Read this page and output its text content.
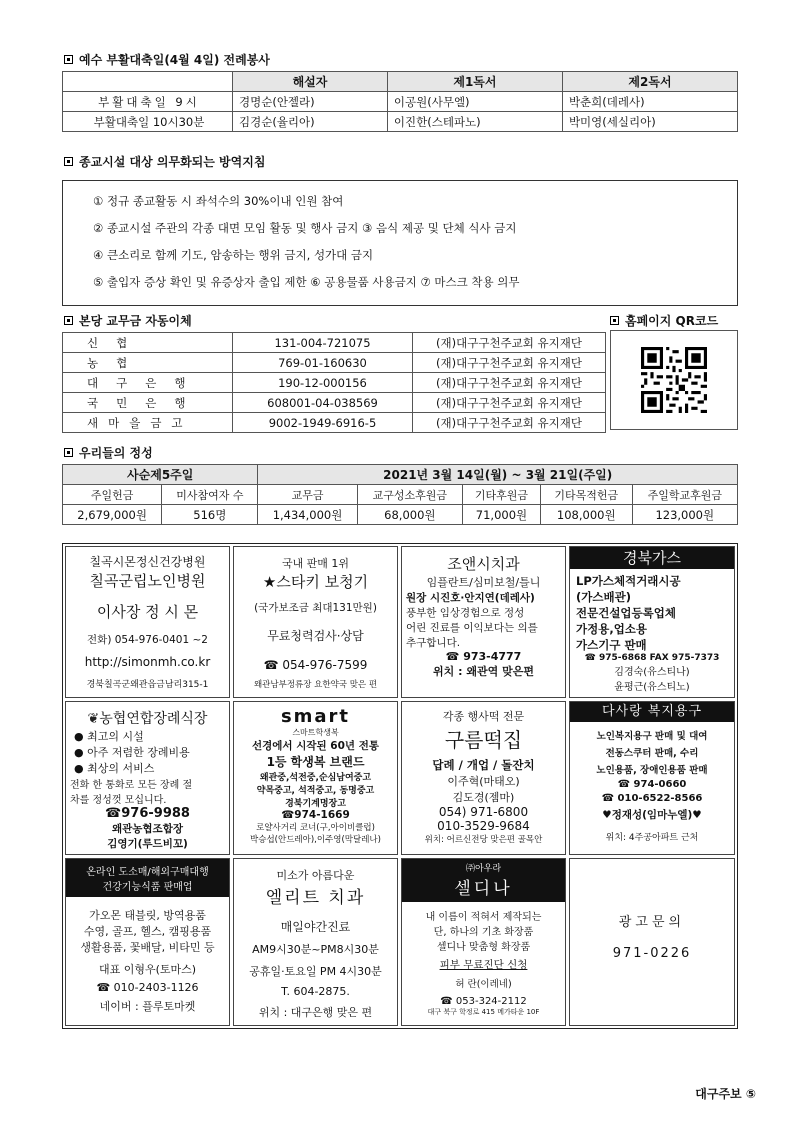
예수 부활대축일(4월 4일) 전례봉사
	해설자	제1독서	제2독서
부활대축일 9시	경명순(안젤라)	이공원(사무엘)	박춘희(데레사)
부활대축일 10시30분	김경순(율리아)	이진한(스테파노)	박미영(세실리아)
종교시설 대상 의무화되는 방역지침
① 정규 종교활동 시 좌석수의 30%이내 인원 참여
② 종교시설 주관의 각종 대면 모임 활동 및 행사 금지 ③ 음식 제공 및 단체 식사 금지
④ 큰소리로 함께 기도, 암송하는 행위 금지, 성가대 금지
⑤ 출입자 증상 확인 및 유증상자 출입 제한 ⑥ 공용물품 사용금지 ⑦ 마스크 착용 의무
본당 교무금 자동이체	홈페이지 QR코드
신협	131-004-721075	(재)대구구천주교회 유지재단
농협	769-01-160630	(재)대구구천주교회 유지재단
대구은행	190-12-000156	(재)대구구천주교회 유지재단
국민은행	608001-04-038569	(재)대구구천주교회 유지재단
새마을금고	9002-1949-6916-5	(재)대구구천주교회 유지재단
우리들의 정성
사순제5주일		2021년 3월 14일(월) ~ 3월 21일(주일)				
주일헌금	미사참여자 수	교무금	교구성소후원금	기타후원금	기타목적헌금	주일학교후원금
2,679,000원	516명	1,434,000원	68,000원	71,000원	108,000원	123,000원
칠곡시몬정신건강병원
칠곡군립노인병원
이사장 정 시 몬
전화) 054-976-0401 ~2
http://simonmh.co.kr
경북칠곡군왜관읍금남리315-1
국내 판매 1위
★스타키 보청기
(국가보조금 최대131만원)
무료청력검사·상담
☎ 054-976-7599
왜관남부정류장 요한약국 맞은 편
조앤시치과
임플란트/심미보철/틀니
원장 시진호·안지연(데레사)
풍부한 임상경험으로 정성
어린 진료를 이익보다는 의를
추구합니다.
☎ 973-4777
위치 : 왜관역 맞은편
경북가스
LP가스체적거래시공
(가스배관)
전문건설업등록업체
가정용,업소용
가스기구 판매
☎ 975-6868 FAX 975-7373
김경숙(유스티나)
윤평근(유스티노)
❦농협연합장례식장
● 최고의 시설
● 아주 저렴한 장례비용
● 최상의 서비스
전화 한 통화로 모든 장례 절
차를 정성껏 모십니다.
☎976-9988
왜관농협조합장
김영기(루드비꼬)
smart
스마트학생복
선경에서 시작된 60년 전통
1등 학생복 브랜드
왜관중,석전중,순심남여중고
약목중고, 석적중고, 동명중고
경북기계명장고
☎974-1669
로얄사거리 코너(구,아이비클럽)
박승섭(안드레아),이주영(막달레나)
각종 행사떡 전문
구름떡집
답례 / 개업 / 돌잔치
이주혁(마태오)
김도경(젬마)
054) 971-6800
010-3529-9684
위치: 어르신전당 맞은편 골목안
다사랑 복지용구
노인복지용구 판매 및 대여
전동스쿠터 판매, 수리
노인용품, 장애인용품 판매
☎ 974-0660
☎ 010-6522-8566
♥정재성(임마누엘)♥
위치: 4주공아파트 근처
온라인 도소매/해외구매대행
건강기능식품 판매업
가오몬 태블릿, 방역용품
수영, 골프, 헬스, 캠핑용품
생활용품, 꽃배달, 비타민 등
대표 이형우(토마스)
☎ 010-2403-1126
네이버 : 플루토마켓
미소가 아름다운
엘리트 치과
매일야간진료
AM9시30분~PM8시30분
공휴일·토요일 PM 4시30분
T. 604-2875.
위치 : 대구은행 맞은 편
㈜아우라
셀디나
내 이름이 적혀서 제작되는
단, 하나의 기초 화장품
셀디나 맞춤형 화장품
피부 무료진단 신청
허 란(이레네)
☎ 053-324-2112
대구 북구 학정로 415 메가타운 10F
광고문의
971-0226
대구주보 ⑤
